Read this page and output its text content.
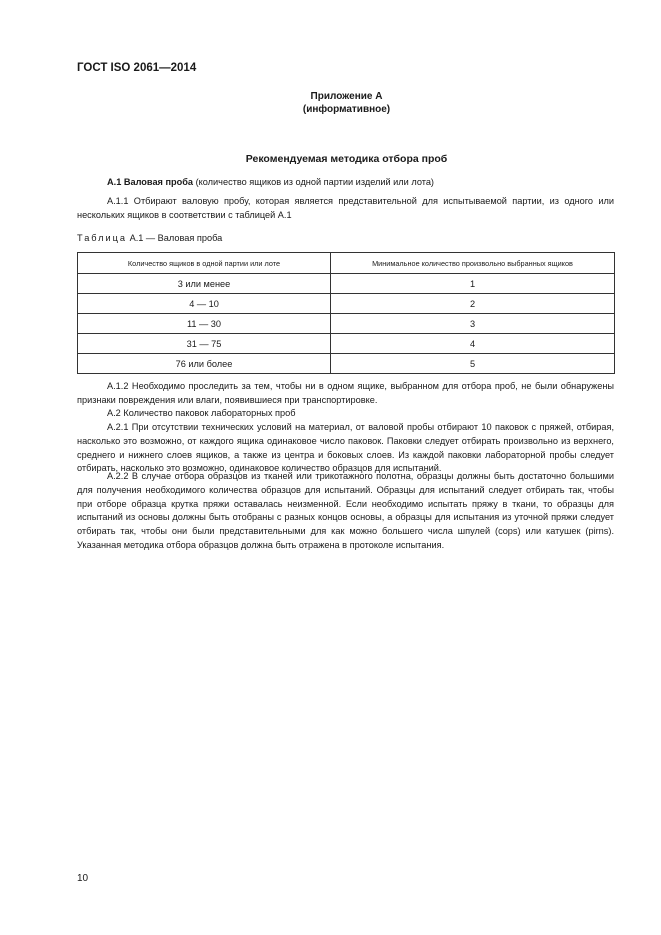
ГОСТ ISO 2061—2014
Приложение А
(информативное)
Рекомендуемая методика отбора проб
А.1 Валовая проба (количество ящиков из одной партии изделий или лота)
А.1.1 Отбирают валовую пробу, которая является представительной для испытываемой партии, из одного или нескольких ящиков в соответствии с таблицей А.1
Таблица А.1 — Валовая проба
Количество ящиков в одной партии или лоте	Минимальное количество произвольно выбранных ящиков
3 или менее	1
4 — 10	2
11 — 30	3
31 — 75	4
76 или более	5
А.1.2 Необходимо проследить за тем, чтобы ни в одном ящике, выбранном для отбора проб, не были обнаружены признаки повреждения или влаги, появившиеся при транспортировке.
А.2 Количество паковок лабораторных проб
А.2.1 При отсутствии технических условий на материал, от валовой пробы отбирают 10 паковок с пряжей, отбирая, насколько это возможно, от каждого ящика одинаковое число паковок. Паковки следует отбирать произвольно из верхнего, среднего и нижнего слоев ящиков, а также из центра и боковых слоев. Из каждой паковки лабораторной пробы следует отбирать, насколько это возможно, одинаковое количество образцов для испытаний.
А.2.2 В случае отбора образцов из тканей или трикотажного полотна, образцы должны быть достаточно большими для получения необходимого количества образцов для испытаний. Образцы для испытаний следует отбирать так, чтобы при отборе образца крутка пряжи оставалась неизменной. Если необходимо испытать пряжу в ткани, то образцы для испытаний из основы должны быть отобраны с разных концов основы, а образцы для испытания из уточной пряжи следует отбирать так, чтобы они были представительными для как можно большего числа шпулей (cops) или катушек (pirns). Указанная методика отбора образцов должна быть отражена в протоколе испытания.
10
